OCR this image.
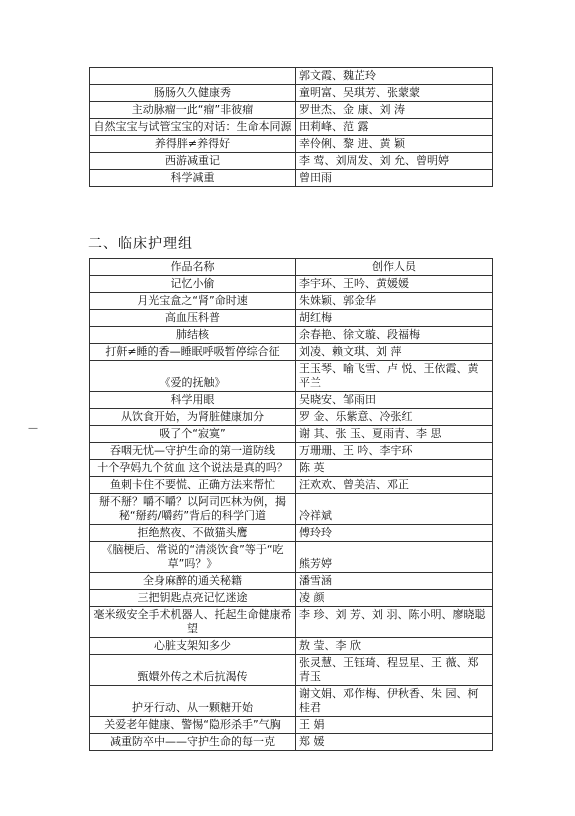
	郭文霞、魏芷玲
肠肠久久健康秀	童明富、吴琪芳、张蒙蒙
主动脉瘤一此“瘤”非彼瘤	罗世杰、金 康、刘 涛
自然宝宝与试管宝宝的对话：生命本同源	田莉峰、范 露
养得胖≠养得好	幸伶俐、黎 进、黄 颖
西游减重记	李 莺、刘周发、刘 允、曾明婷
科学减重	曾田雨
二、临床护理组
—
作品名称	创作人员
记忆小偷	李宇环、王吟、黄媛媛
月光宝盒之“肾”命时速	朱姝颖、郭金华
高血压科普	胡红梅
肺结核	余春艳、徐文璇、段福梅
打鼾≠睡的香—睡眠呼吸暂停综合征	刘凌、赖文琪、刘 萍
《爱的抚触》	王玉琴、喻飞雪、卢 悦、王依霞、黄平兰
科学用眼	吴晓安、邹雨田
从饮食开始，为肾脏健康加分	罗 金、乐紫意、冷张红
吸了个“寂寞”	谢 其、张 玉、夏雨青、李 思
吞咽无忧—守护生命的第一道防线	万珊珊、王 吟、李宇环
十个孕妈九个贫血 这个说法是真的吗？	陈 英
鱼刺卡住不要慌、正确方法来帮忙	汪欢欢、曾美洁、邓正
掰不掰？嚼不嚼？以阿司匹林为例，揭秘“掰药/嚼药”背后的科学门道	冷祥斌
拒绝熬夜、不做猫头鹰	傅玲玲
《脑梗后、常说的“清淡饮食”等于“吃草”吗？》	熊芳婷
全身麻醉的通关秘籍	潘雪涵
三把钥匙点亮记忆迷途	凌 颜
毫米级安全手术机器人、托起生命健康希望	李 珍、刘 芳、刘 羽、陈小明、廖晓聪
心脏支架知多少	敖 莹、李 欣
甄嬛外传之术后抗渴传	张灵慧、王钰琦、程昱星、王 薇、郑青玉
护牙行动、从一颗糖开始	谢文娟、邓作梅、伊秋香、朱 园、柯桂君
关爱老年健康、警惕“隐形杀手”气胸	王 娟
减重防卒中——守护生命的每一克	郑 媛
